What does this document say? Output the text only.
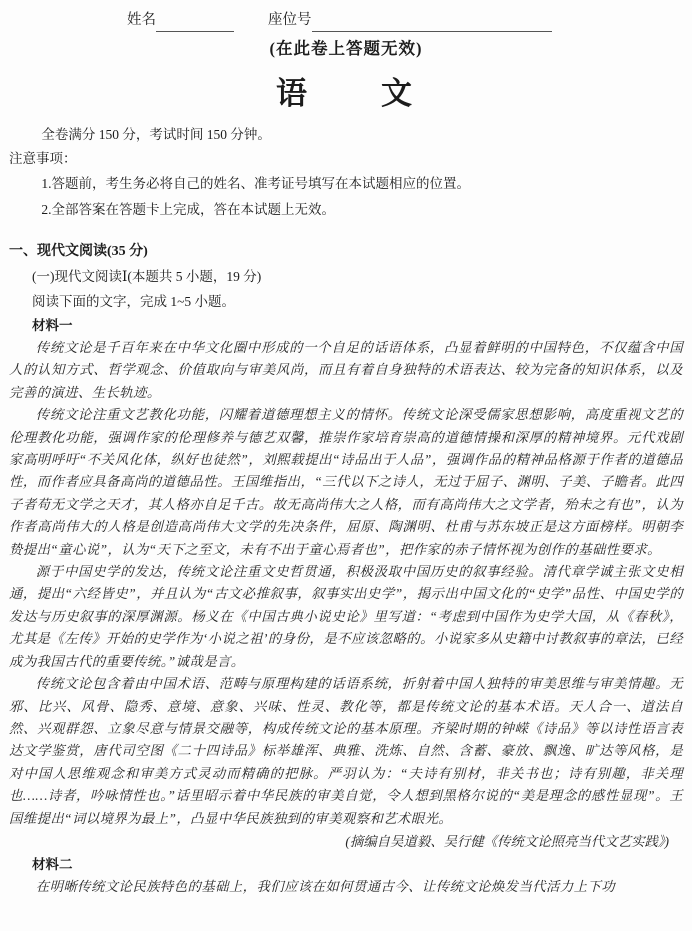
姓名	座位号
(在此卷上答题无效)
语　　文
全卷满分 150 分，考试时间 150 分钟。
注意事项：
1.答题前，考生务必将自己的姓名、准考证号填写在本试题相应的位置。
2.全部答案在答题卡上完成，答在本试题上无效。
一、现代文阅读(35 分)
(一)现代文阅读Ⅰ(本题共 5 小题，19 分)
阅读下面的文字，完成 1~5 小题。
材料一

传统文论是千百年来在中华文化圈中形成的一个自足的话语体系，凸显着鲜明的中国特色，不仅蕴含中国人的认知方式、哲学观念、价值取向与审美风尚，而且有着自身独特的术语表达、较为完备的知识体系，以及完善的演进、生长轨迹。

传统文论注重文艺教化功能，闪耀着道德理想主义的情怀。传统文论深受儒家思想影响，高度重视文艺的伦理教化功能，强调作家的伦理修养与德艺双馨，推崇作家培育崇高的道德情操和深厚的精神境界。元代戏剧家高明呼吁“不关风化体，纵好也徒然”，刘熙载提出“诗品出于人品”，强调作品的精神品格源于作者的道德品性，而作者应具备高尚的道德品性。王国维指出，“三代以下之诗人，无过于屈子、渊明、子美、子瞻者。此四子者苟无文学之天才，其人格亦自足千古。故无高尚伟大之人格，而有高尚伟大之文学者，殆未之有也”，认为作者高尚伟大的人格是创造高尚伟大文学的先决条件，屈原、陶渊明、杜甫与苏东坡正是这方面榜样。明朝李贽提出“童心说”，认为“天下之至文，未有不出于童心焉者也”，把作家的赤子情怀视为创作的基础性要求。

源于中国史学的发达，传统文论注重文史哲贯通，积极汲取中国历史的叙事经验。清代章学诚主张文史相通，提出“六经皆史”，并且认为“古文必推叙事，叙事实出史学”，揭示出中国文化的“史学”品性、中国史学的发达与历史叙事的深厚渊源。杨义在《中国古典小说史论》里写道：“考虑到中国作为史学大国，从《春秋》，尤其是《左传》开始的史学作为‘小说之祖’的身份，是不应该忽略的。小说家多从史籍中讨教叙事的章法，已经成为我国古代的重要传统。”诚哉是言。

传统文论包含着由中国术语、范畴与原理构建的话语系统，折射着中国人独特的审美思维与审美情趣。无邪、比兴、风骨、隐秀、意境、意象、兴味、性灵、教化等，都是传统文论的基本术语。天人合一、道法自然、兴观群怨、立象尽意与情景交融等，构成传统文论的基本原理。齐梁时期的钟嵘《诗品》等以诗性语言表达文学鉴赏，唐代司空图《二十四诗品》标举雄浑、典雅、洗炼、自然、含蓄、豪放、飘逸、旷达等风格，是对中国人思维观念和审美方式灵动而精确的把脉。严羽认为：“夫诗有别材，非关书也；诗有别趣，非关理也……诗者，吟咏情性也。”话里昭示着中华民族的审美自觉，令人想到黑格尔说的“美是理念的感性显现”。王国维提出“词以境界为最上”，凸显中华民族独到的审美观察和艺术眼光。

(摘编自吴道毅、吴行健《传统文论照亮当代文艺实践》)
材料二

在明晰传统文论民族特色的基础上，我们应该在如何贯通古今、让传统文论焕发当代活力上下功
